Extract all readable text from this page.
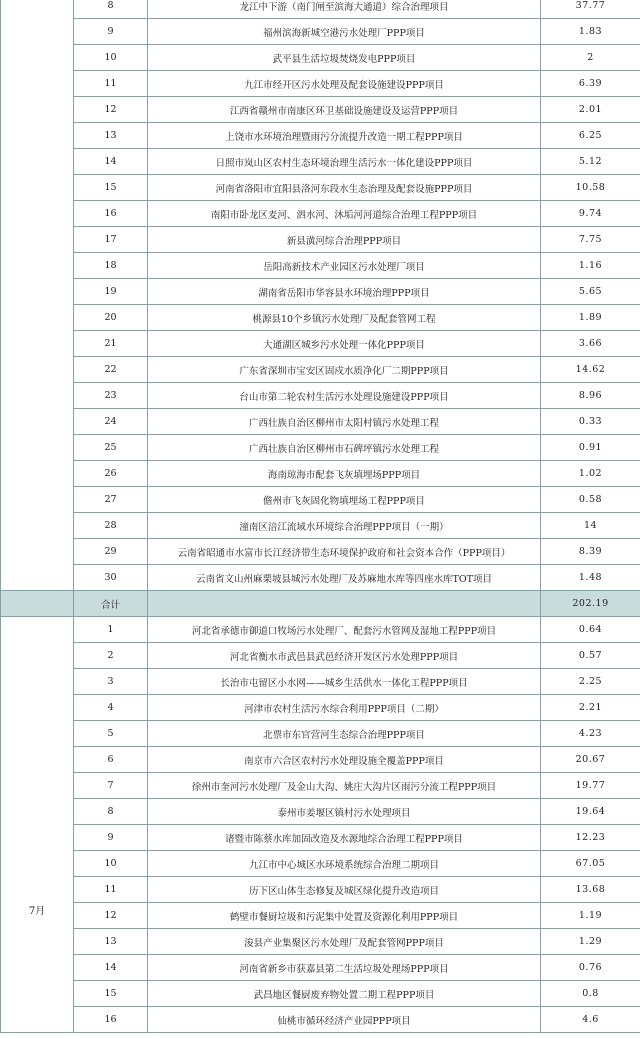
	8	龙江中下游（南门闸至滨海大通道）综合治理项目	37.77
	9	福州滨海新城空港污水处理厂PPP项目	1.83
	10	武平县生活垃圾焚烧发电PPP项目	2
	11	九江市经开区污水处理及配套设施建设PPP项目	6.39
	12	江西省赣州市南康区环卫基础设施建设及运营PPP项目	2.01
	13	上饶市水环境治理暨雨污分流提升改造一期工程PPP项目	6.25
	14	日照市岚山区农村生态环境治理生活污水一体化建设PPP项目	5.12
	15	河南省洛阳市宜阳县洛河东段水生态治理及配套设施PPP项目	10.58
	16	南阳市卧龙区麦河、泗水河、沐垢河河道综合治理工程PPP项目	9.74
	17	新县潢河综合治理PPP项目	7.75
	18	岳阳高新技术产业园区污水处理厂项目	1.16
	19	湖南省岳阳市华容县水环境治理PPP项目	5.65
	20	桃源县10个乡镇污水处理厂及配套管网工程	1.89
	21	大通湖区城乡污水处理一体化PPP项目	3.66
	22	广东省深圳市宝安区固戍水质净化厂二期PPP项目	14.62
	23	台山市第二轮农村生活污水处理设施建设PPP项目	8.96
	24	广西壮族自治区柳州市太阳村镇污水处理工程	0.33
	25	广西壮族自治区柳州市石碑坪镇污水处理工程	0.91
	26	海南琼海市配套飞灰填埋场PPP项目	1.02
	27	儋州市飞灰固化物填埋场工程PPP项目	0.58
	28	潼南区涪江流域水环境综合治理PPP项目（一期）	14
	29	云南省昭通市水富市长江经济带生态环境保护政府和社会资本合作（PPP项目）	8.39
	30	云南省文山州麻栗坡县城污水处理厂及苏麻地水库等四座水库TOT项目	1.48
	合计		202.19
7月	1	河北省承德市御道口牧场污水处理厂、配套污水管网及湿地工程PPP项目	0.64
	2	河北省衡水市武邑县武邑经济开发区污水处理PPP项目	0.57
	3	长治市屯留区小水网——城乡生活供水一体化工程PPP项目	2.25
	4	河津市农村生活污水综合利用PPP项目（二期）	2.21
	5	北票市东官营河生态综合治理PPP项目	4.23
	6	南京市六合区农村污水处理设施全覆盖PPP项目	20.67
	7	徐州市奎河污水处理厂及金山大沟、姚庄大沟片区雨污分流工程PPP项目	19.77
	8	泰州市姜堰区镇村污水处理项目	19.64
	9	诸暨市陈蔡水库加固改造及水源地综合治理工程PPP项目	12.23
	10	九江市中心城区水环境系统综合治理二期项目	67.05
	11	历下区山体生态修复及城区绿化提升改造项目	13.68
	12	鹤壁市餐厨垃圾和污泥集中处置及资源化利用PPP项目	1.19
	13	浚县产业集聚区污水处理厂及配套管网PPP项目	1.29
	14	河南省新乡市获嘉县第二生活垃圾处理场PPP项目	0.76
	15	武昌地区餐厨废弃物处置二期工程PPP项目	0.8
	16	仙桃市循环经济产业园PPP项目	4.6
